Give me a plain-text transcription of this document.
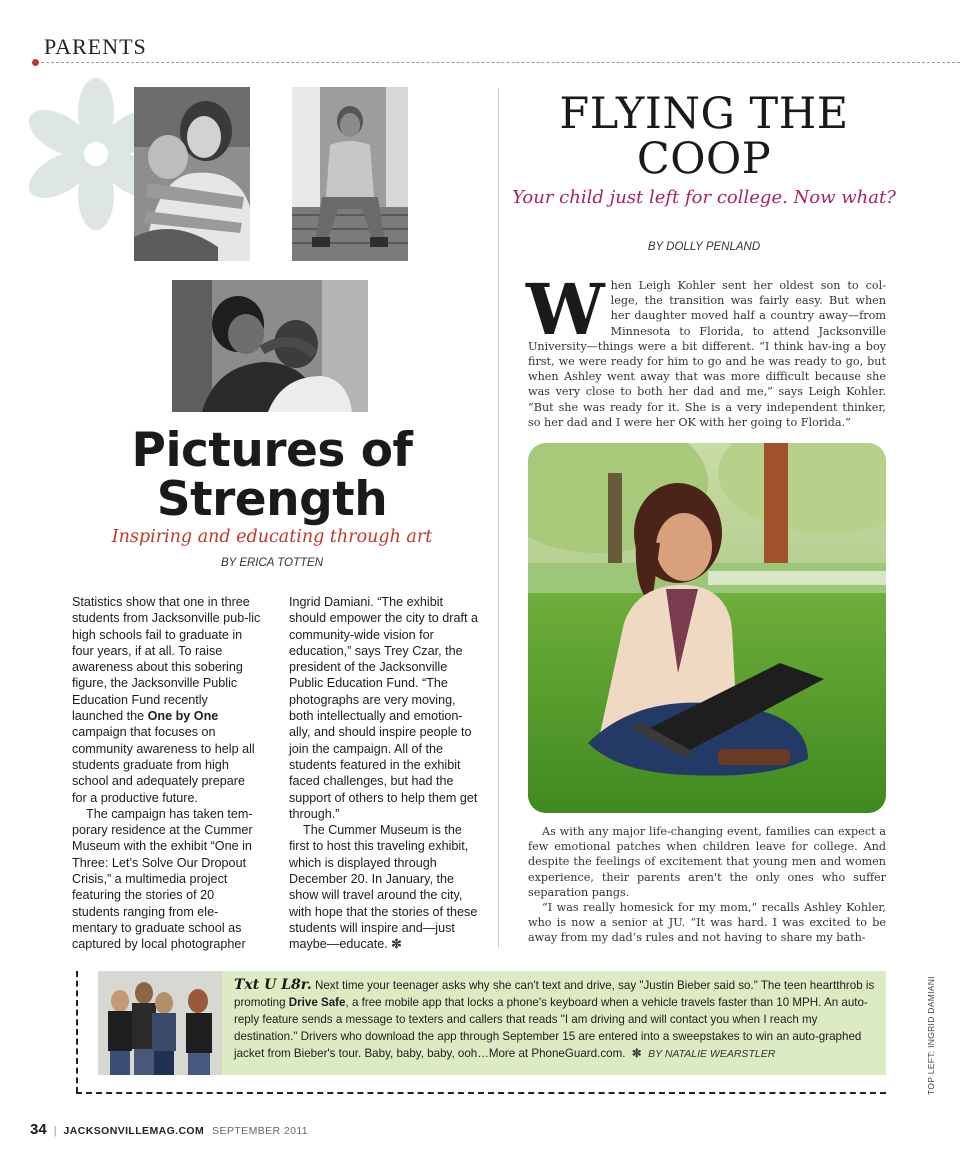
PARENTS
Pictures of Strength
Inspiring and educating through art
BY ERICA TOTTEN

Statistics show that one in three students from Jacksonville pub-lic high schools fail to graduate in four years, if at all. To raise awareness about this sobering figure, the Jacksonville Public Education Fund recently launched the One by One campaign that focuses on community awareness to help all students graduate from high school and adequately prepare for a productive future.

The campaign has taken tem-porary residence at the Cummer Museum with the exhibit “One in Three: Let’s Solve Our Dropout Crisis,” a multimedia project featuring the stories of 20 students ranging from ele-mentary to graduate school as captured by local photographer

Ingrid Damiani. “The exhibit should empower the city to draft a community-wide vision for education,” says Trey Czar, the president of the Jacksonville Public Education Fund. “The photographs are very moving, both intellectually and emotion-ally, and should inspire people to join the campaign. All of the students featured in the exhibit faced challenges, but had the support of others to help them get through.”

The Cummer Museum is the first to host this traveling exhibit, which is displayed through December 20. In January, the show will travel around the city, with hope that the stories of these students will inspire and—just maybe—educate. ✼

FLYING THE COOP
Your child just left for college. Now what?
BY DOLLY PENLAND
When Leigh Kohler sent her oldest son to col-lege, the transition was fairly easy. But when her daughter moved half a country away—from Minnesota to Florida, to attend Jacksonville University—things were a bit different. “I think hav-ing a boy first, we were ready for him to go and he was ready to go, but when Ashley went away that was more difficult because she was very close to both her dad and me,” says Leigh Kohler. “But she was ready for it. She is a very independent thinker, so her dad and I were her OK with her going to Florida.”

As with any major life-changing event, families can expect a few emotional patches when children leave for college. And despite the feelings of excitement that young men and women experience, their parents aren't the only ones who suffer separation pangs.

“I was really homesick for my mom,” recalls Ashley Kohler, who is now a senior at JU. “It was hard. I was excited to be away from my dad’s rules and not having to share my bath-

Txt U L8r. Next time your teenager asks why she can't text and drive, say "Justin Bieber said so." The teen heartthrob is promoting Drive Safe, a free mobile app that locks a phone's keyboard when a vehicle travels faster than 10 MPH. An auto-reply feature sends a message to texters and callers that reads "I am driving and will contact you when I reach my destination." Drivers who download the app through September 15 are entered into a sweepstakes to win an auto-graphed jacket from Bieber's tour. Baby, baby, baby, ooh…More at PhoneGuard.com. ✼ BY NATALIE WEARSTLER	TOP LEFT: INGRID DAMIANI
34 | JACKSONVILLEMAG.COM SEPTEMBER 2011
